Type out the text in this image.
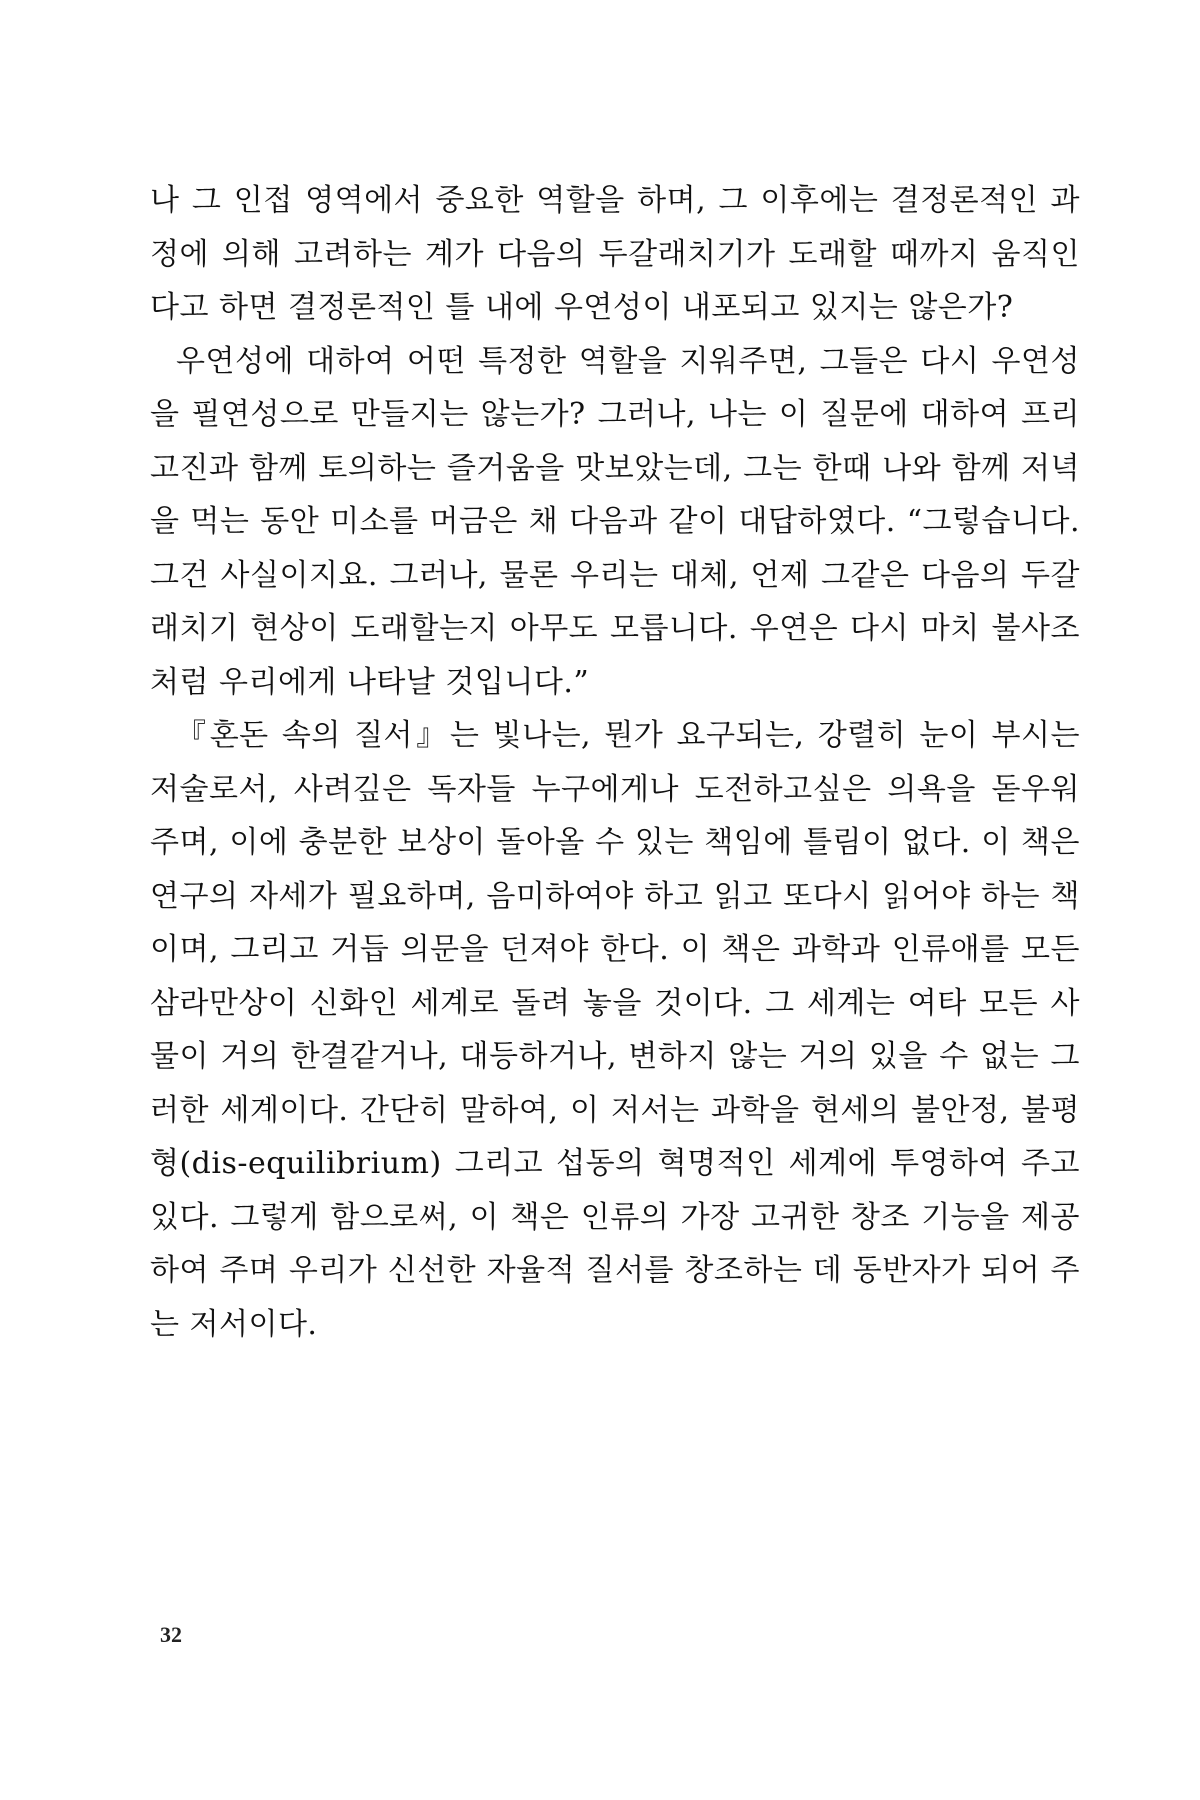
나 그 인접 영역에서 중요한 역할을 하며, 그 이후에는 결정론적인 과정에 의해 고려하는 계가 다음의 두갈래치기가 도래할 때까지 움직인다고 하면 결정론적인 틀 내에 우연성이 내포되고 있지는 않은가?

우연성에 대하여 어떤 특정한 역할을 지워주면, 그들은 다시 우연성을 필연성으로 만들지는 않는가? 그러나, 나는 이 질문에 대하여 프리고진과 함께 토의하는 즐거움을 맛보았는데, 그는 한때 나와 함께 저녁을 먹는 동안 미소를 머금은 채 다음과 같이 대답하였다. “그렇습니다. 그건 사실이지요. 그러나, 물론 우리는 대체, 언제 그같은 다음의 두갈래치기 현상이 도래할는지 아무도 모릅니다. 우연은 다시 마치 불사조처럼 우리에게 나타날 것입니다.”

『혼돈 속의 질서』는 빛나는, 뭔가 요구되는, 강렬히 눈이 부시는 저술로서, 사려깊은 독자들 누구에게나 도전하고싶은 의욕을 돋우워 주며, 이에 충분한 보상이 돌아올 수 있는 책임에 틀림이 없다. 이 책은 연구의 자세가 필요하며, 음미하여야 하고 읽고 또다시 읽어야 하는 책이며, 그리고 거듭 의문을 던져야 한다. 이 책은 과학과 인류애를 모든 삼라만상이 신화인 세계로 돌려 놓을 것이다. 그 세계는 여타 모든 사물이 거의 한결같거나, 대등하거나, 변하지 않는 거의 있을 수 없는 그러한 세계이다. 간단히 말하여, 이 저서는 과학을 현세의 불안정, 불평형(dis-equilibrium) 그리고 섭동의 혁명적인 세계에 투영하여 주고 있다. 그렇게 함으로써, 이 책은 인류의 가장 고귀한 창조 기능을 제공하여 주며 우리가 신선한 자율적 질서를 창조하는 데 동반자가 되어 주는 저서이다.

32
